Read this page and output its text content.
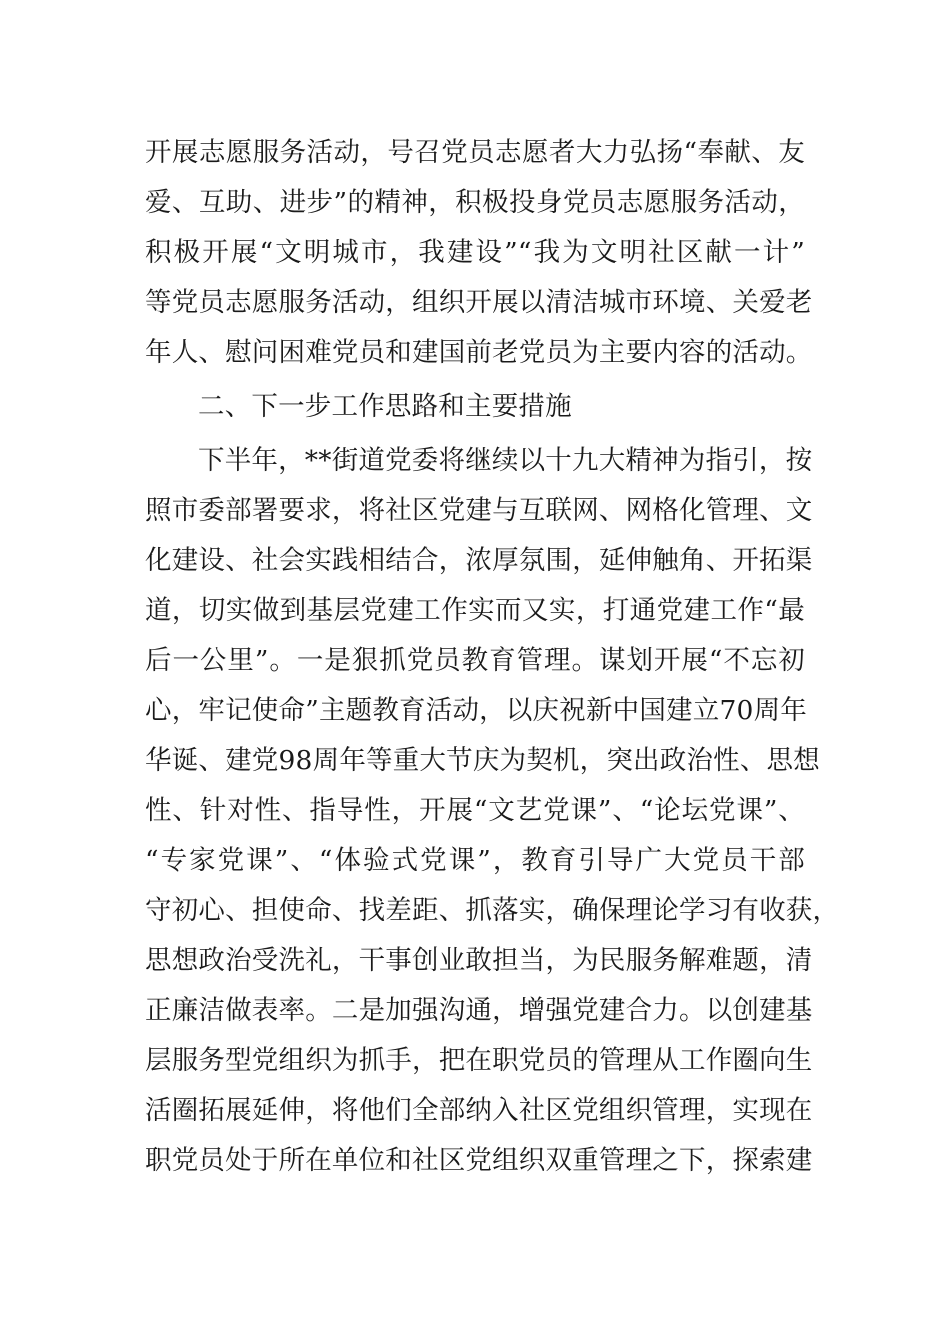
开展志愿服务活动，号召党员志愿者大力弘扬“奉献、友
爱、互助、进步”的精神，积极投身党员志愿服务活动，
积极开展“文明城市，我建设”“我为文明社区献一计”
等党员志愿服务活动，组织开展以清洁城市环境、关爱老
年人、慰问困难党员和建国前老党员为主要内容的活动。
二、下一步工作思路和主要措施
下半年，**街道党委将继续以十九大精神为指引，按
照市委部署要求，将社区党建与互联网、网格化管理、文
化建设、社会实践相结合，浓厚氛围，延伸触角、开拓渠
道，切实做到基层党建工作实而又实，打通党建工作“最
后一公里”。一是狠抓党员教育管理。谋划开展“不忘初
心，牢记使命”主题教育活动，以庆祝新中国建立70周年
华诞、建党98周年等重大节庆为契机，突出政治性、思想
性、针对性、指导性，开展“文艺党课”、“论坛党课”、
“专家党课”、“体验式党课”，教育引导广大党员干部
守初心、担使命、找差距、抓落实，确保理论学习有收获，
思想政治受洗礼，干事创业敢担当，为民服务解难题，清
正廉洁做表率。二是加强沟通，增强党建合力。以创建基
层服务型党组织为抓手，把在职党员的管理从工作圈向生
活圈拓展延伸，将他们全部纳入社区党组织管理，实现在
职党员处于所在单位和社区党组织双重管理之下，探索建
